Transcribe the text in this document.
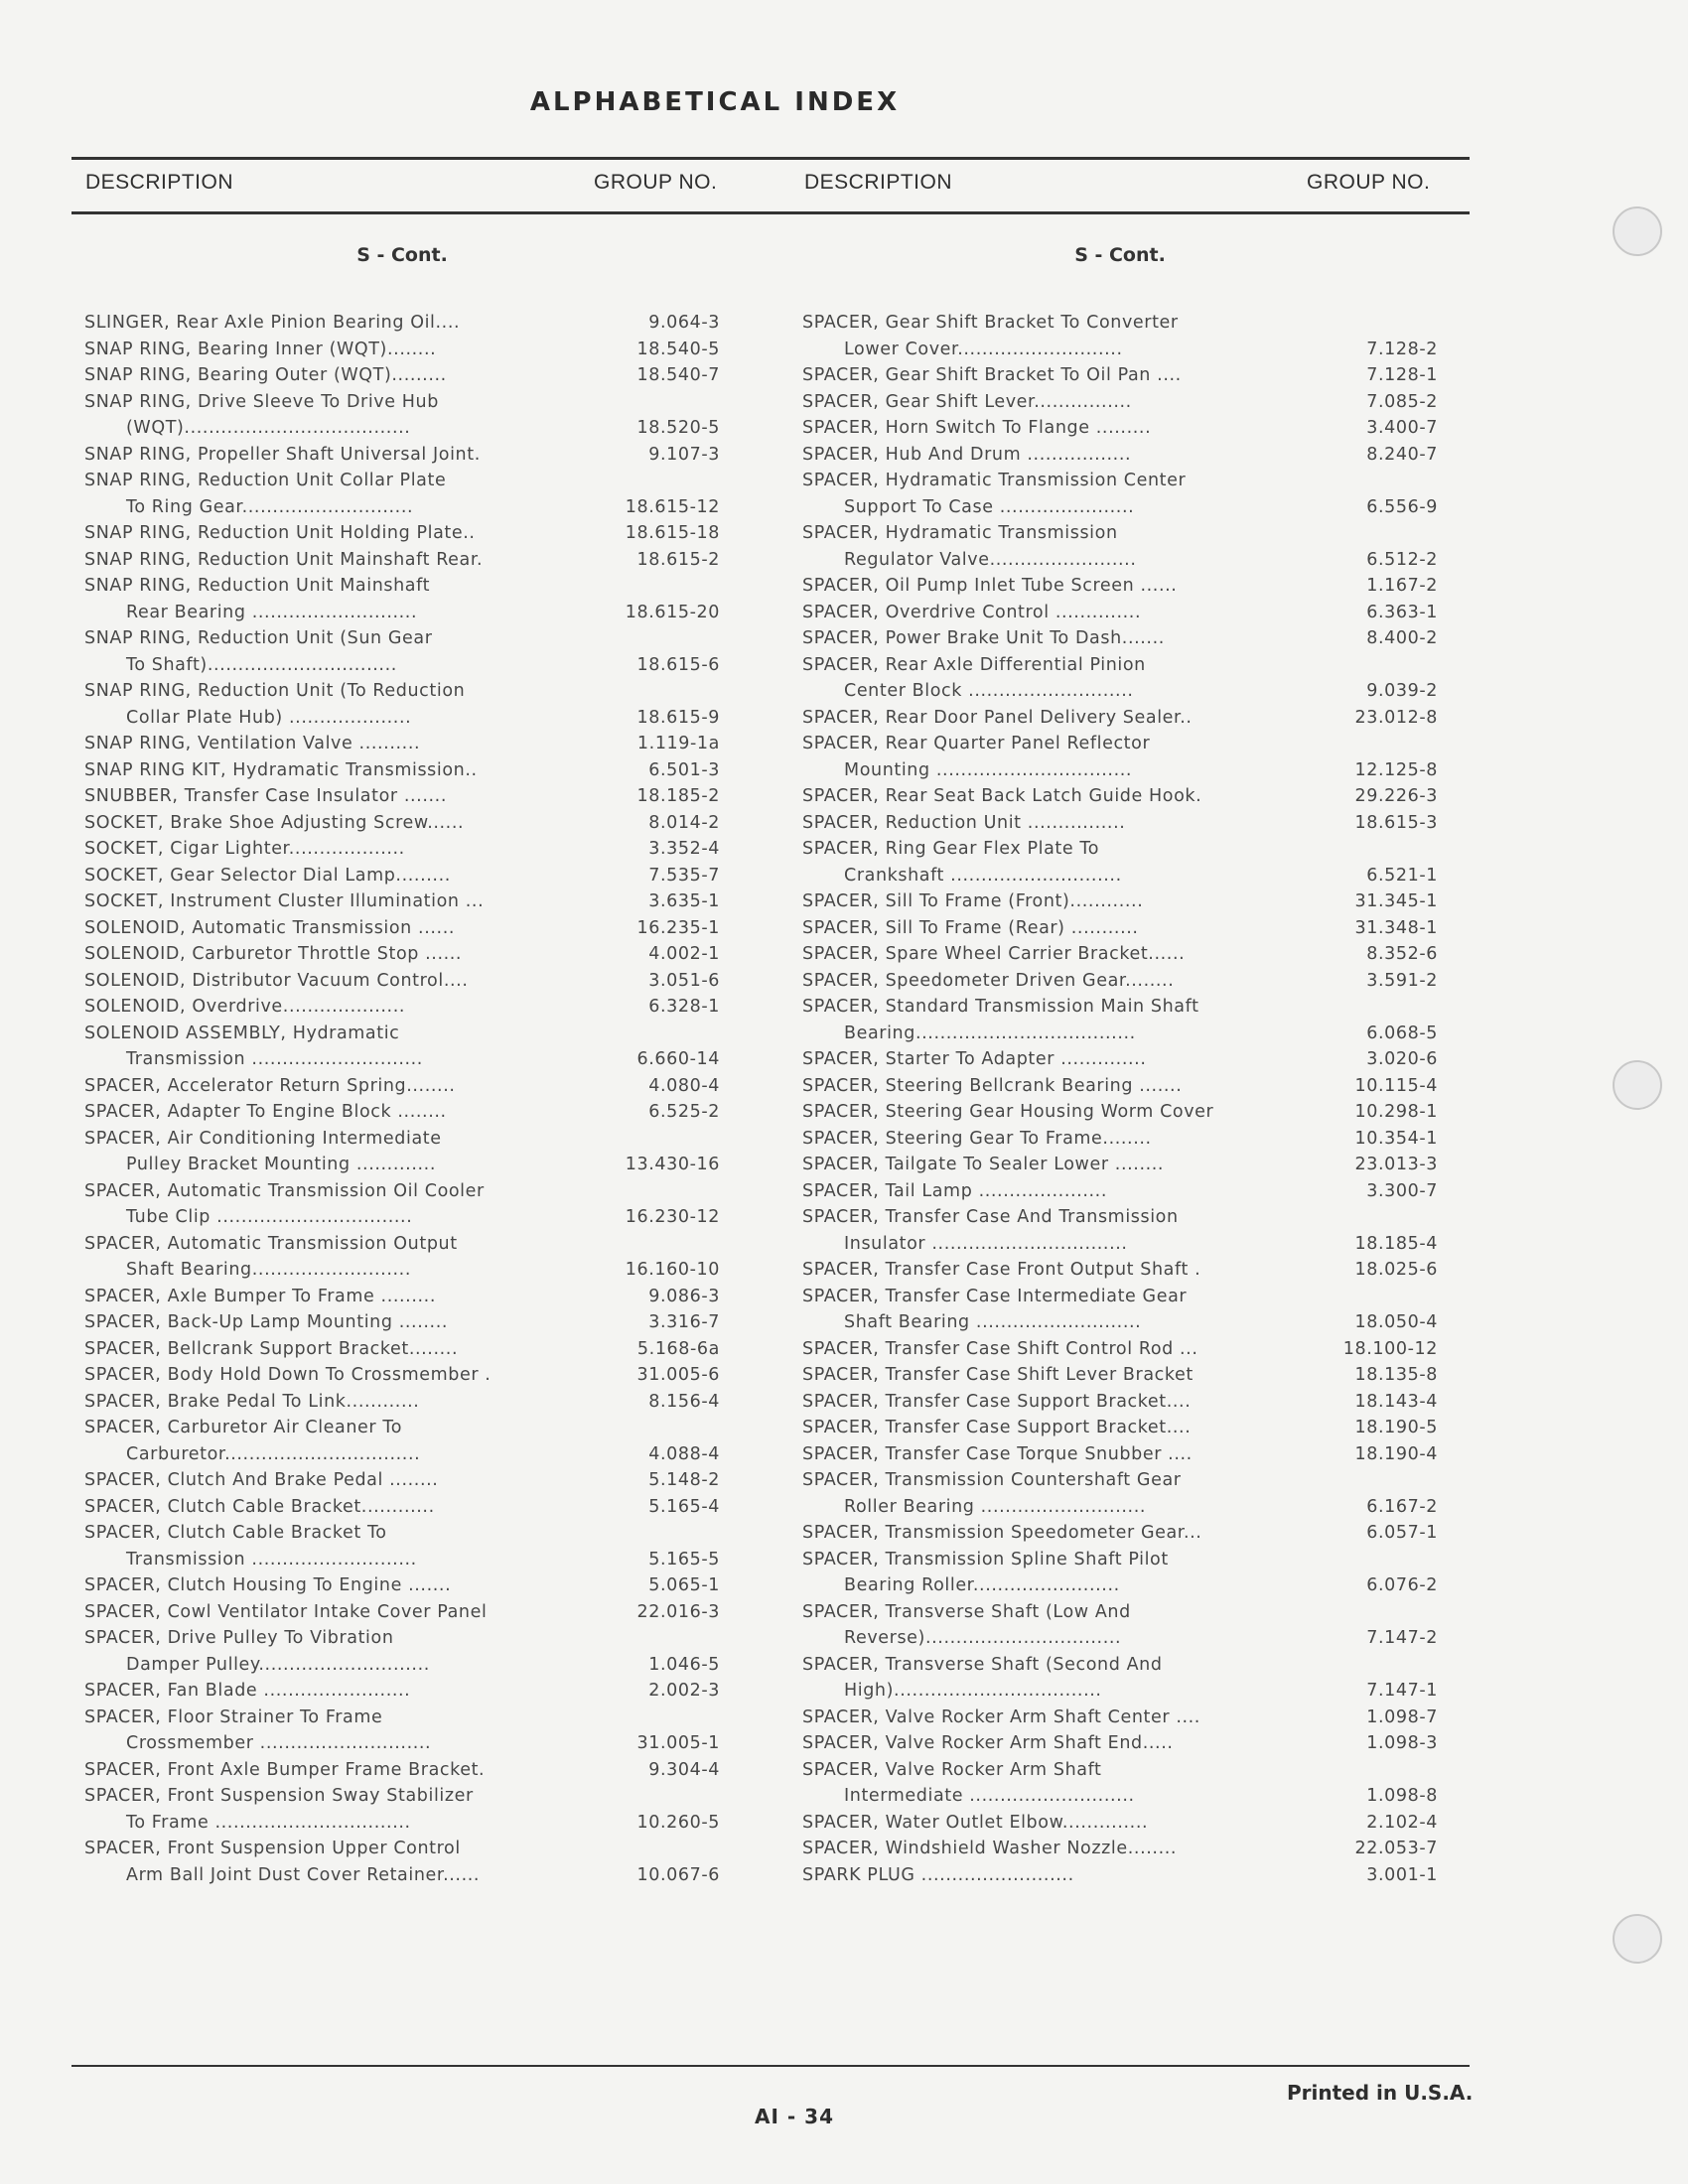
ALPHABETICAL INDEX
DESCRIPTION	GROUP NO.	DESCRIPTION	GROUP NO.
S - Cont.
SLINGER, Rear Axle Pinion Bearing Oil....	9.064-3
SNAP RING, Bearing Inner (WQT)........	18.540-5
SNAP RING, Bearing Outer (WQT).........	18.540-7
SNAP RING, Drive Sleeve To Drive Hub
(WQT).....................................	18.520-5
SNAP RING, Propeller Shaft Universal Joint.	9.107-3
SNAP RING, Reduction Unit Collar Plate
To Ring Gear............................	18.615-12
SNAP RING, Reduction Unit Holding Plate..	18.615-18
SNAP RING, Reduction Unit Mainshaft Rear.	18.615-2
SNAP RING, Reduction Unit Mainshaft
Rear Bearing ...........................	18.615-20
SNAP RING, Reduction Unit (Sun Gear
To Shaft)...............................	18.615-6
SNAP RING, Reduction Unit (To Reduction
Collar Plate Hub) ....................	18.615-9
SNAP RING, Ventilation Valve ..........	1.119-1a
SNAP RING KIT, Hydramatic Transmission..	6.501-3
SNUBBER, Transfer Case Insulator .......	18.185-2
SOCKET, Brake Shoe Adjusting Screw......	8.014-2
SOCKET, Cigar Lighter...................	3.352-4
SOCKET, Gear Selector Dial Lamp.........	7.535-7
SOCKET, Instrument Cluster Illumination ...	3.635-1
SOLENOID, Automatic Transmission ......	16.235-1
SOLENOID, Carburetor Throttle Stop ......	4.002-1
SOLENOID, Distributor Vacuum Control....	3.051-6
SOLENOID, Overdrive....................	6.328-1
SOLENOID ASSEMBLY, Hydramatic
Transmission ............................	6.660-14
SPACER, Accelerator Return Spring........	4.080-4
SPACER, Adapter To Engine Block ........	6.525-2
SPACER, Air Conditioning Intermediate
Pulley Bracket Mounting .............	13.430-16
SPACER, Automatic Transmission Oil Cooler
Tube Clip ................................	16.230-12
SPACER, Automatic Transmission Output
Shaft Bearing..........................	16.160-10
SPACER, Axle Bumper To Frame .........	9.086-3
SPACER, Back-Up Lamp Mounting ........	3.316-7
SPACER, Bellcrank Support Bracket........	5.168-6a
SPACER, Body Hold Down To Crossmember .	31.005-6
SPACER, Brake Pedal To Link............	8.156-4
SPACER, Carburetor Air Cleaner To
Carburetor................................	4.088-4
SPACER, Clutch And Brake Pedal ........	5.148-2
SPACER, Clutch Cable Bracket............	5.165-4
SPACER, Clutch Cable Bracket To
Transmission ...........................	5.165-5
SPACER, Clutch Housing To Engine .......	5.065-1
SPACER, Cowl Ventilator Intake Cover Panel	22.016-3
SPACER, Drive Pulley To Vibration
Damper Pulley............................	1.046-5
SPACER, Fan Blade ........................	2.002-3
SPACER, Floor Strainer To Frame
Crossmember ............................	31.005-1
SPACER, Front Axle Bumper Frame Bracket.	9.304-4
SPACER, Front Suspension Sway Stabilizer
To Frame ................................	10.260-5
SPACER, Front Suspension Upper Control
Arm Ball Joint Dust Cover Retainer......	10.067-6
S - Cont.
SPACER, Gear Shift Bracket To Converter
Lower Cover...........................	7.128-2
SPACER, Gear Shift Bracket To Oil Pan ....	7.128-1
SPACER, Gear Shift Lever................	7.085-2
SPACER, Horn Switch To Flange .........	3.400-7
SPACER, Hub And Drum .................	8.240-7
SPACER, Hydramatic Transmission Center
Support To Case ......................	6.556-9
SPACER, Hydramatic Transmission
Regulator Valve........................	6.512-2
SPACER, Oil Pump Inlet Tube Screen ......	1.167-2
SPACER, Overdrive Control ..............	6.363-1
SPACER, Power Brake Unit To Dash.......	8.400-2
SPACER, Rear Axle Differential Pinion
Center Block ...........................	9.039-2
SPACER, Rear Door Panel Delivery Sealer..	23.012-8
SPACER, Rear Quarter Panel Reflector
Mounting ................................	12.125-8
SPACER, Rear Seat Back Latch Guide Hook.	29.226-3
SPACER, Reduction Unit ................	18.615-3
SPACER, Ring Gear Flex Plate To
Crankshaft ............................	6.521-1
SPACER, Sill To Frame (Front)............	31.345-1
SPACER, Sill To Frame (Rear) ...........	31.348-1
SPACER, Spare Wheel Carrier Bracket......	8.352-6
SPACER, Speedometer Driven Gear........	3.591-2
SPACER, Standard Transmission Main Shaft
Bearing....................................	6.068-5
SPACER, Starter To Adapter ..............	3.020-6
SPACER, Steering Bellcrank Bearing .......	10.115-4
SPACER, Steering Gear Housing Worm Cover	10.298-1
SPACER, Steering Gear To Frame........	10.354-1
SPACER, Tailgate To Sealer Lower ........	23.013-3
SPACER, Tail Lamp .....................	3.300-7
SPACER, Transfer Case And Transmission
Insulator ................................	18.185-4
SPACER, Transfer Case Front Output Shaft .	18.025-6
SPACER, Transfer Case Intermediate Gear
Shaft Bearing ...........................	18.050-4
SPACER, Transfer Case Shift Control Rod ...	18.100-12
SPACER, Transfer Case Shift Lever Bracket	18.135-8
SPACER, Transfer Case Support Bracket....	18.143-4
SPACER, Transfer Case Support Bracket....	18.190-5
SPACER, Transfer Case Torque Snubber ....	18.190-4
SPACER, Transmission Countershaft Gear
Roller Bearing ...........................	6.167-2
SPACER, Transmission Speedometer Gear...	6.057-1
SPACER, Transmission Spline Shaft Pilot
Bearing Roller........................	6.076-2
SPACER, Transverse Shaft (Low And
Reverse)................................	7.147-2
SPACER, Transverse Shaft (Second And
High)..................................	7.147-1
SPACER, Valve Rocker Arm Shaft Center ....	1.098-7
SPACER, Valve Rocker Arm Shaft End.....	1.098-3
SPACER, Valve Rocker Arm Shaft
Intermediate ...........................	1.098-8
SPACER, Water Outlet Elbow..............	2.102-4
SPACER, Windshield Washer Nozzle........	22.053-7
SPARK PLUG .........................	3.001-1
Printed in U.S.A.
AI - 34
